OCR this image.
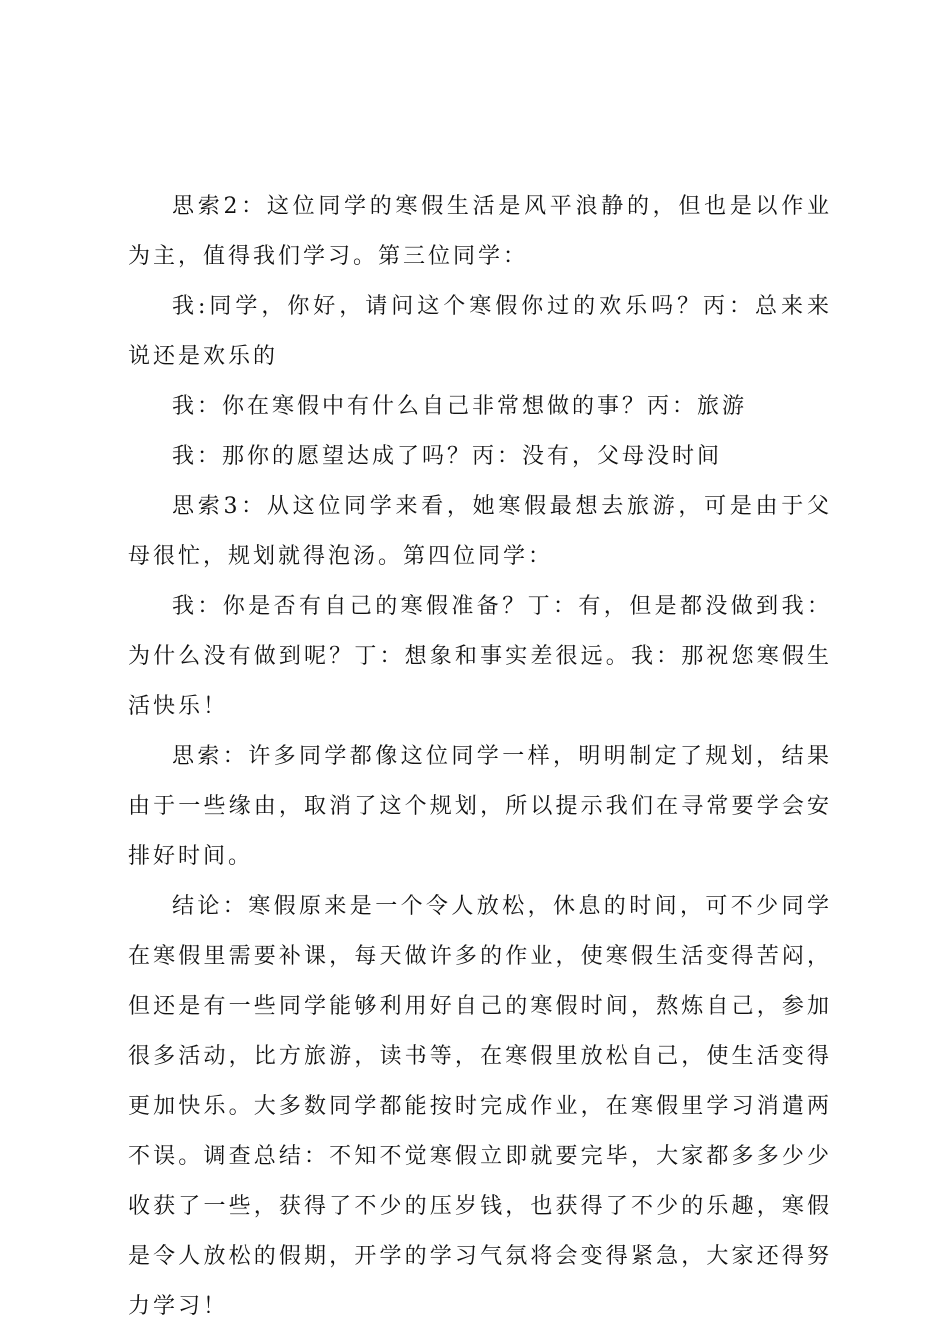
思索2：这位同学的寒假生活是风平浪静的，但也是以作业为主，值得我们学习。第三位同学：

我:同学，你好，请问这个寒假你过的欢乐吗？丙：总来来说还是欢乐的

我：你在寒假中有什么自己非常想做的事？丙：旅游

我：那你的愿望达成了吗？丙：没有，父母没时间

思索3：从这位同学来看，她寒假最想去旅游，可是由于父母很忙，规划就得泡汤。第四位同学：

我：你是否有自己的寒假准备？丁：有，但是都没做到我：为什么没有做到呢？丁：想象和事实差很远。我：那祝您寒假生活快乐！

思索：许多同学都像这位同学一样，明明制定了规划，结果由于一些缘由，取消了这个规划，所以提示我们在寻常要学会安排好时间。

结论：寒假原来是一个令人放松，休息的时间，可不少同学在寒假里需要补课，每天做许多的作业，使寒假生活变得苦闷，但还是有一些同学能够利用好自己的寒假时间，熬炼自己，参加很多活动，比方旅游，读书等，在寒假里放松自己，使生活变得更加快乐。大多数同学都能按时完成作业，在寒假里学习消遣两不误。调查总结：不知不觉寒假立即就要完毕，大家都多多少少收获了一些，获得了不少的压岁钱，也获得了不少的乐趣，寒假是令人放松的假期，开学的学习气氛将会变得紧急，大家还得努力学习！
